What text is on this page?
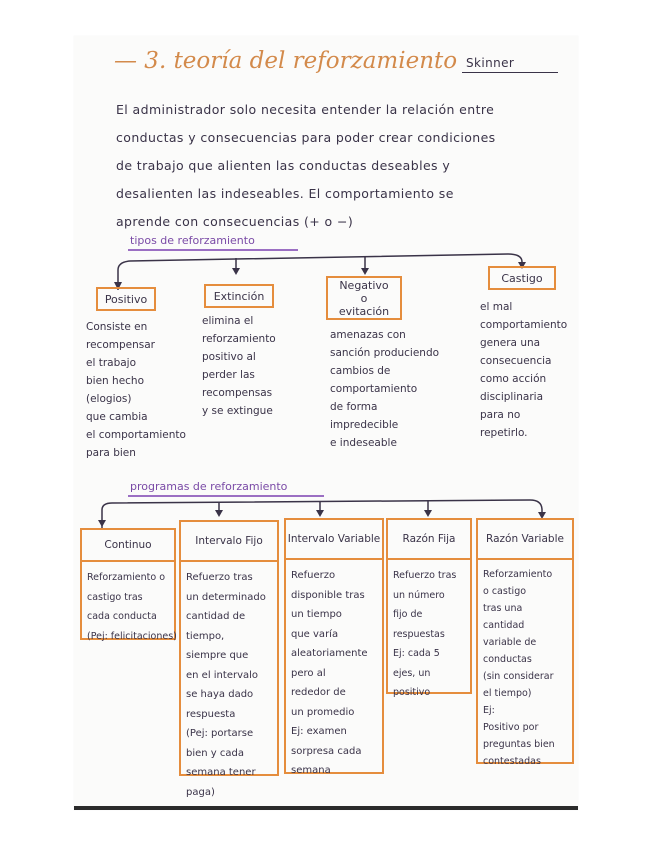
— 3. teoría del reforzamiento Skinner
El administrador solo necesita entender la relación entre
conductas y consecuencias para poder crear condiciones
de trabajo que alienten las conductas deseables y
desalienten las indeseables. El comportamiento se
aprende con consecuencias (+ o −)
tipos de reforzamiento
Positivo	Extinción
Negativo o evitación
Castigo
Consiste en
recompensar
el trabajo
bien hecho
(elogios)
que cambia
el comportamiento
para bien
elimina el
reforzamiento
positivo al
perder las
recompensas
y se extingue
amenazas con
sanción produciendo
cambios de
comportamiento
de forma
impredecible
e indeseable
el mal
comportamiento
genera una
consecuencia
como acción
disciplinaria
para no
repetirlo.
programas de reforzamiento
Continuo
Reforzamiento o
castigo tras
cada conducta
(Pej: felicitaciones)
Intervalo Fijo
Refuerzo tras
un determinado
cantidad de
tiempo,
siempre que
en el intervalo
se haya dado
respuesta
(Pej: portarse
bien y cada
semana tener
paga)
Intervalo Variable
Refuerzo
disponible tras
un tiempo
que varía
aleatoriamente
pero al
rededor de
un promedio
Ej: examen
sorpresa cada
semana
Razón Fija
Refuerzo tras
un número
fijo de
respuestas
Ej: cada 5
ejes, un
positivo
Razón Variable
Reforzamiento
o castigo
tras una
cantidad
variable de
conductas
(sin considerar
el tiempo)
Ej:
Positivo por
preguntas bien
contestadas
